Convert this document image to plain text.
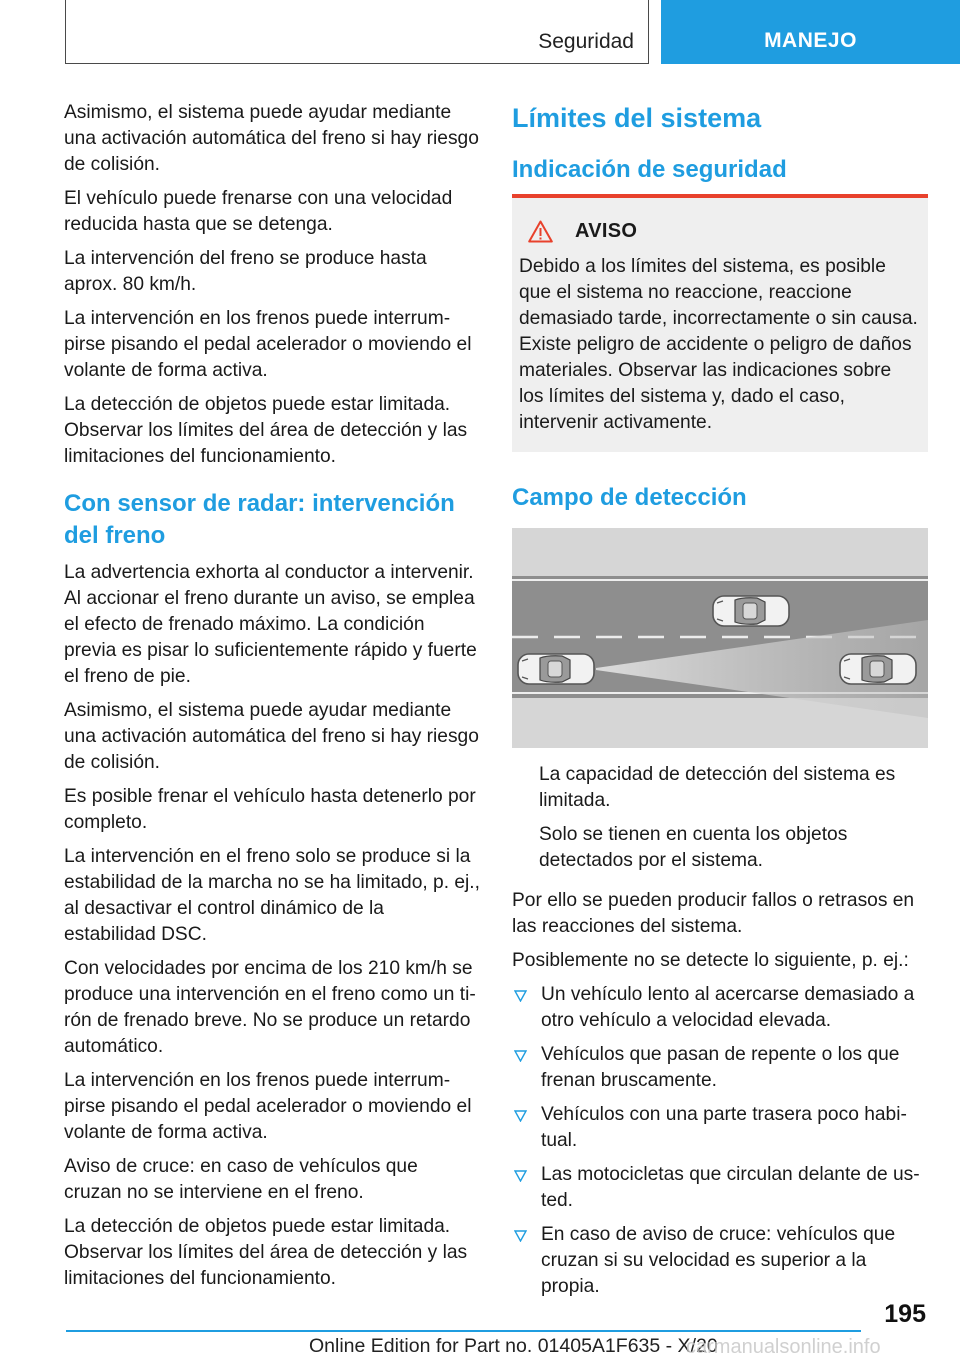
Seguridad	MANEJO

Asimismo, el sistema puede ayudar mediante una activación automática del freno si hay riesgo de colisión.

El vehículo puede frenarse con una velocidad reducida hasta que se detenga.

La intervención del freno se produce hasta aprox. 80 km/h.

La intervención en los frenos puede interrumpirse pisando el pedal acelerador o moviendo el volante de forma activa.

La detección de objetos puede estar limitada. Observar los límites del área de detección y las limitaciones del funcionamiento.

Con sensor de radar: intervención del freno

La advertencia exhorta al conductor a intervenir. Al accionar el freno durante un aviso, se emplea el efecto de frenado máximo. La condición previa es pisar lo suficientemente rápido y fuerte el freno de pie.

Asimismo, el sistema puede ayudar mediante una activación automática del freno si hay riesgo de colisión.

Es posible frenar el vehículo hasta detenerlo por completo.

La intervención en el freno solo se produce si la estabilidad de la marcha no se ha limitado, p. ej., al desactivar el control dinámico de la estabilidad DSC.

Con velocidades por encima de los 210 km/h se produce una intervención en el freno como un tirón de frenado breve. No se produce un retardo automático.

La intervención en los frenos puede interrumpirse pisando el pedal acelerador o moviendo el volante de forma activa.

Aviso de cruce: en caso de vehículos que cruzan no se interviene en el freno.

La detección de objetos puede estar limitada. Observar los límites del área de detección y las limitaciones del funcionamiento.

Límites del sistema
Indicación de seguridad
AVISO
Debido a los límites del sistema, es posible que el sistema no reaccione, reaccione demasiado tarde, incorrectamente o sin causa. Existe peligro de accidente o peligro de daños materiales. Observar las indicaciones sobre los límites del sistema y, dado el caso, intervenir activamente.
Campo de detección

La capacidad de detección del sistema es limitada.

Solo se tienen en cuenta los objetos detectados por el sistema.

Por ello se pueden producir fallos o retrasos en las reacciones del sistema.

Posiblemente no se detecte lo siguiente, p. ej.:

Un vehículo lento al acercarse demasiado a otro vehículo a velocidad elevada.
Vehículos que pasan de repente o los que frenan bruscamente.
Vehículos con una parte trasera poco habitual.
Las motocicletas que circulan delante de usted.
En caso de aviso de cruce: vehículos que cruzan si su velocidad es superior a la propia.
195
Online Edition for Part no. 01405A1F635 - X/20
carmanualsonline.info
